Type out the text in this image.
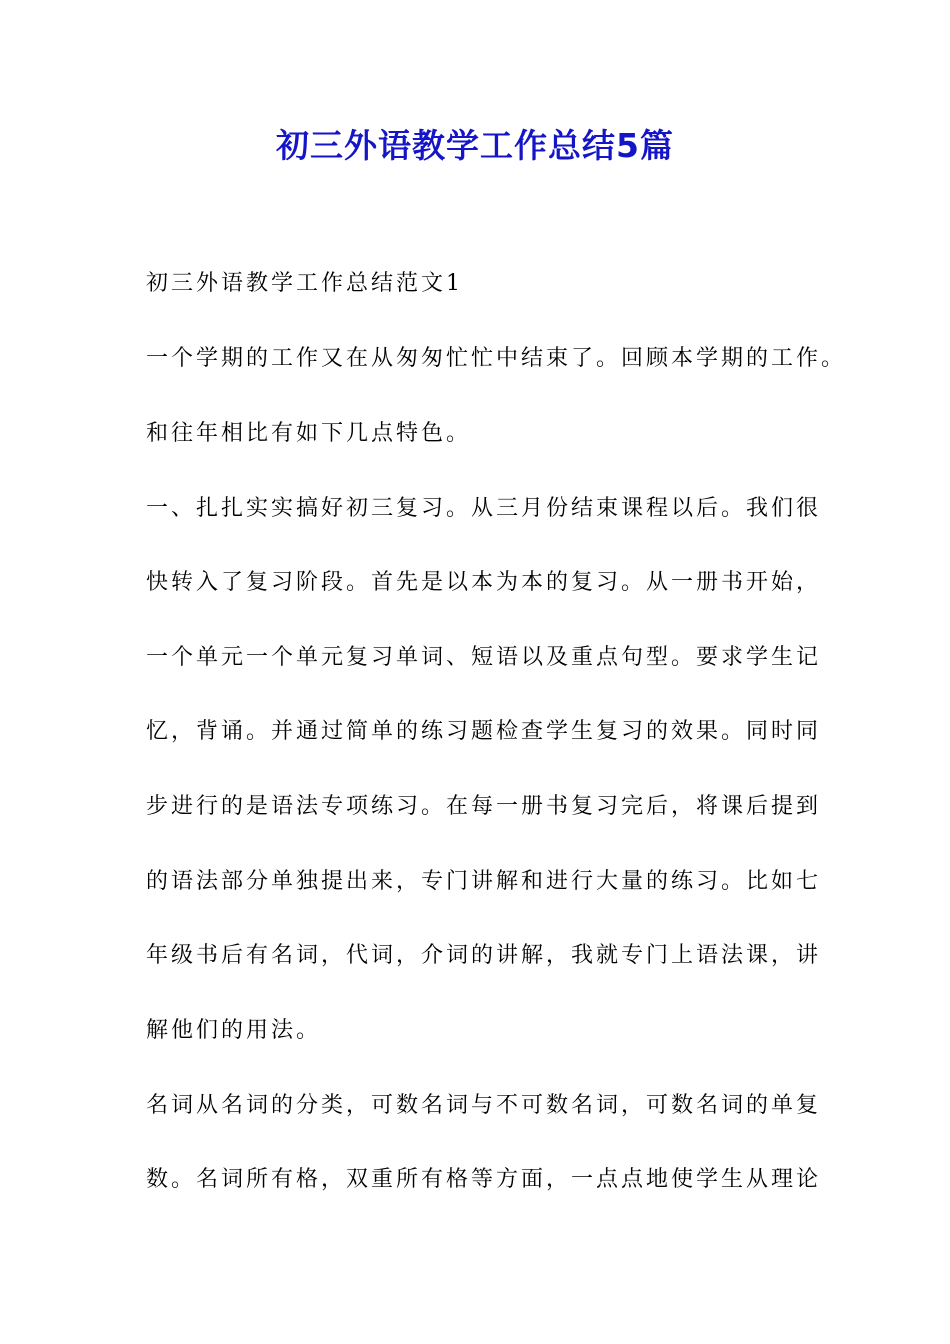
初三外语教学工作总结5篇
初三外语教学工作总结范文1
一个学期的工作又在从匆匆忙忙中结束了。回顾本学期的工作。
和往年相比有如下几点特色。
一、扎扎实实搞好初三复习。从三月份结束课程以后。我们很
快转入了复习阶段。首先是以本为本的复习。从一册书开始，
一个单元一个单元复习单词、短语以及重点句型。要求学生记
忆，背诵。并通过简单的练习题检查学生复习的效果。同时同
步进行的是语法专项练习。在每一册书复习完后，将课后提到
的语法部分单独提出来，专门讲解和进行大量的练习。比如七
年级书后有名词，代词，介词的讲解，我就专门上语法课，讲
解他们的用法。
名词从名词的分类，可数名词与不可数名词，可数名词的单复
数。名词所有格，双重所有格等方面，一点点地使学生从理论
